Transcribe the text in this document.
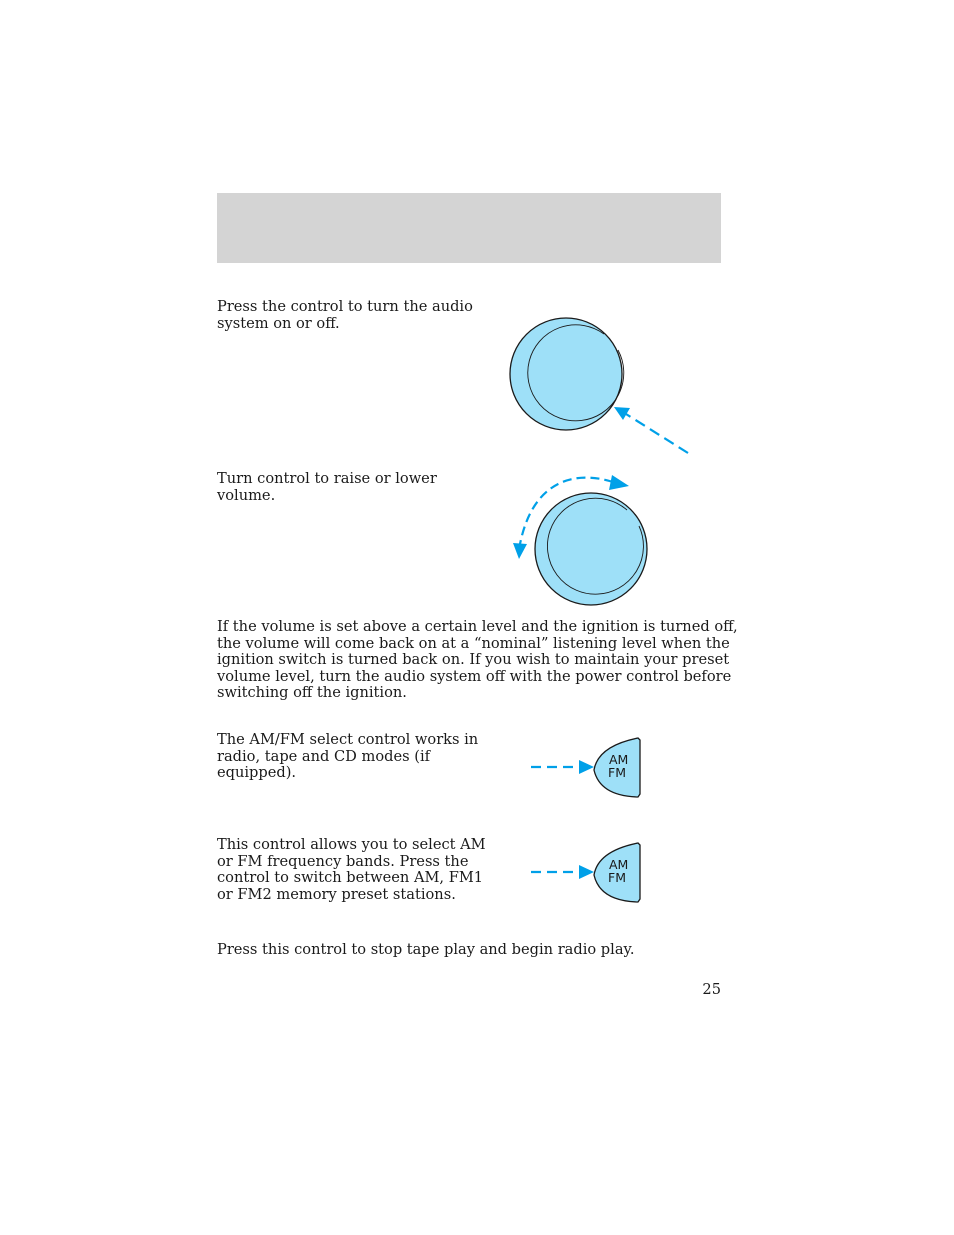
Press the control to turn the audio
system on or off.

Turn control to raise or lower
volume.

If the volume is set above a certain level and the ignition is turned off,
the volume will come back on at a “nominal” listening level when the
ignition switch is turned back on. If you wish to maintain your preset
volume level, turn the audio system off with the power control before
switching off the ignition.

The AM/FM select control works in
radio, tape and CD modes (if
equipped).

AM
FM

This control allows you to select AM
or FM frequency bands. Press the
control to switch between AM, FM1
or FM2 memory preset stations.

AM
FM

Press this control to stop tape play and begin radio play.

25
